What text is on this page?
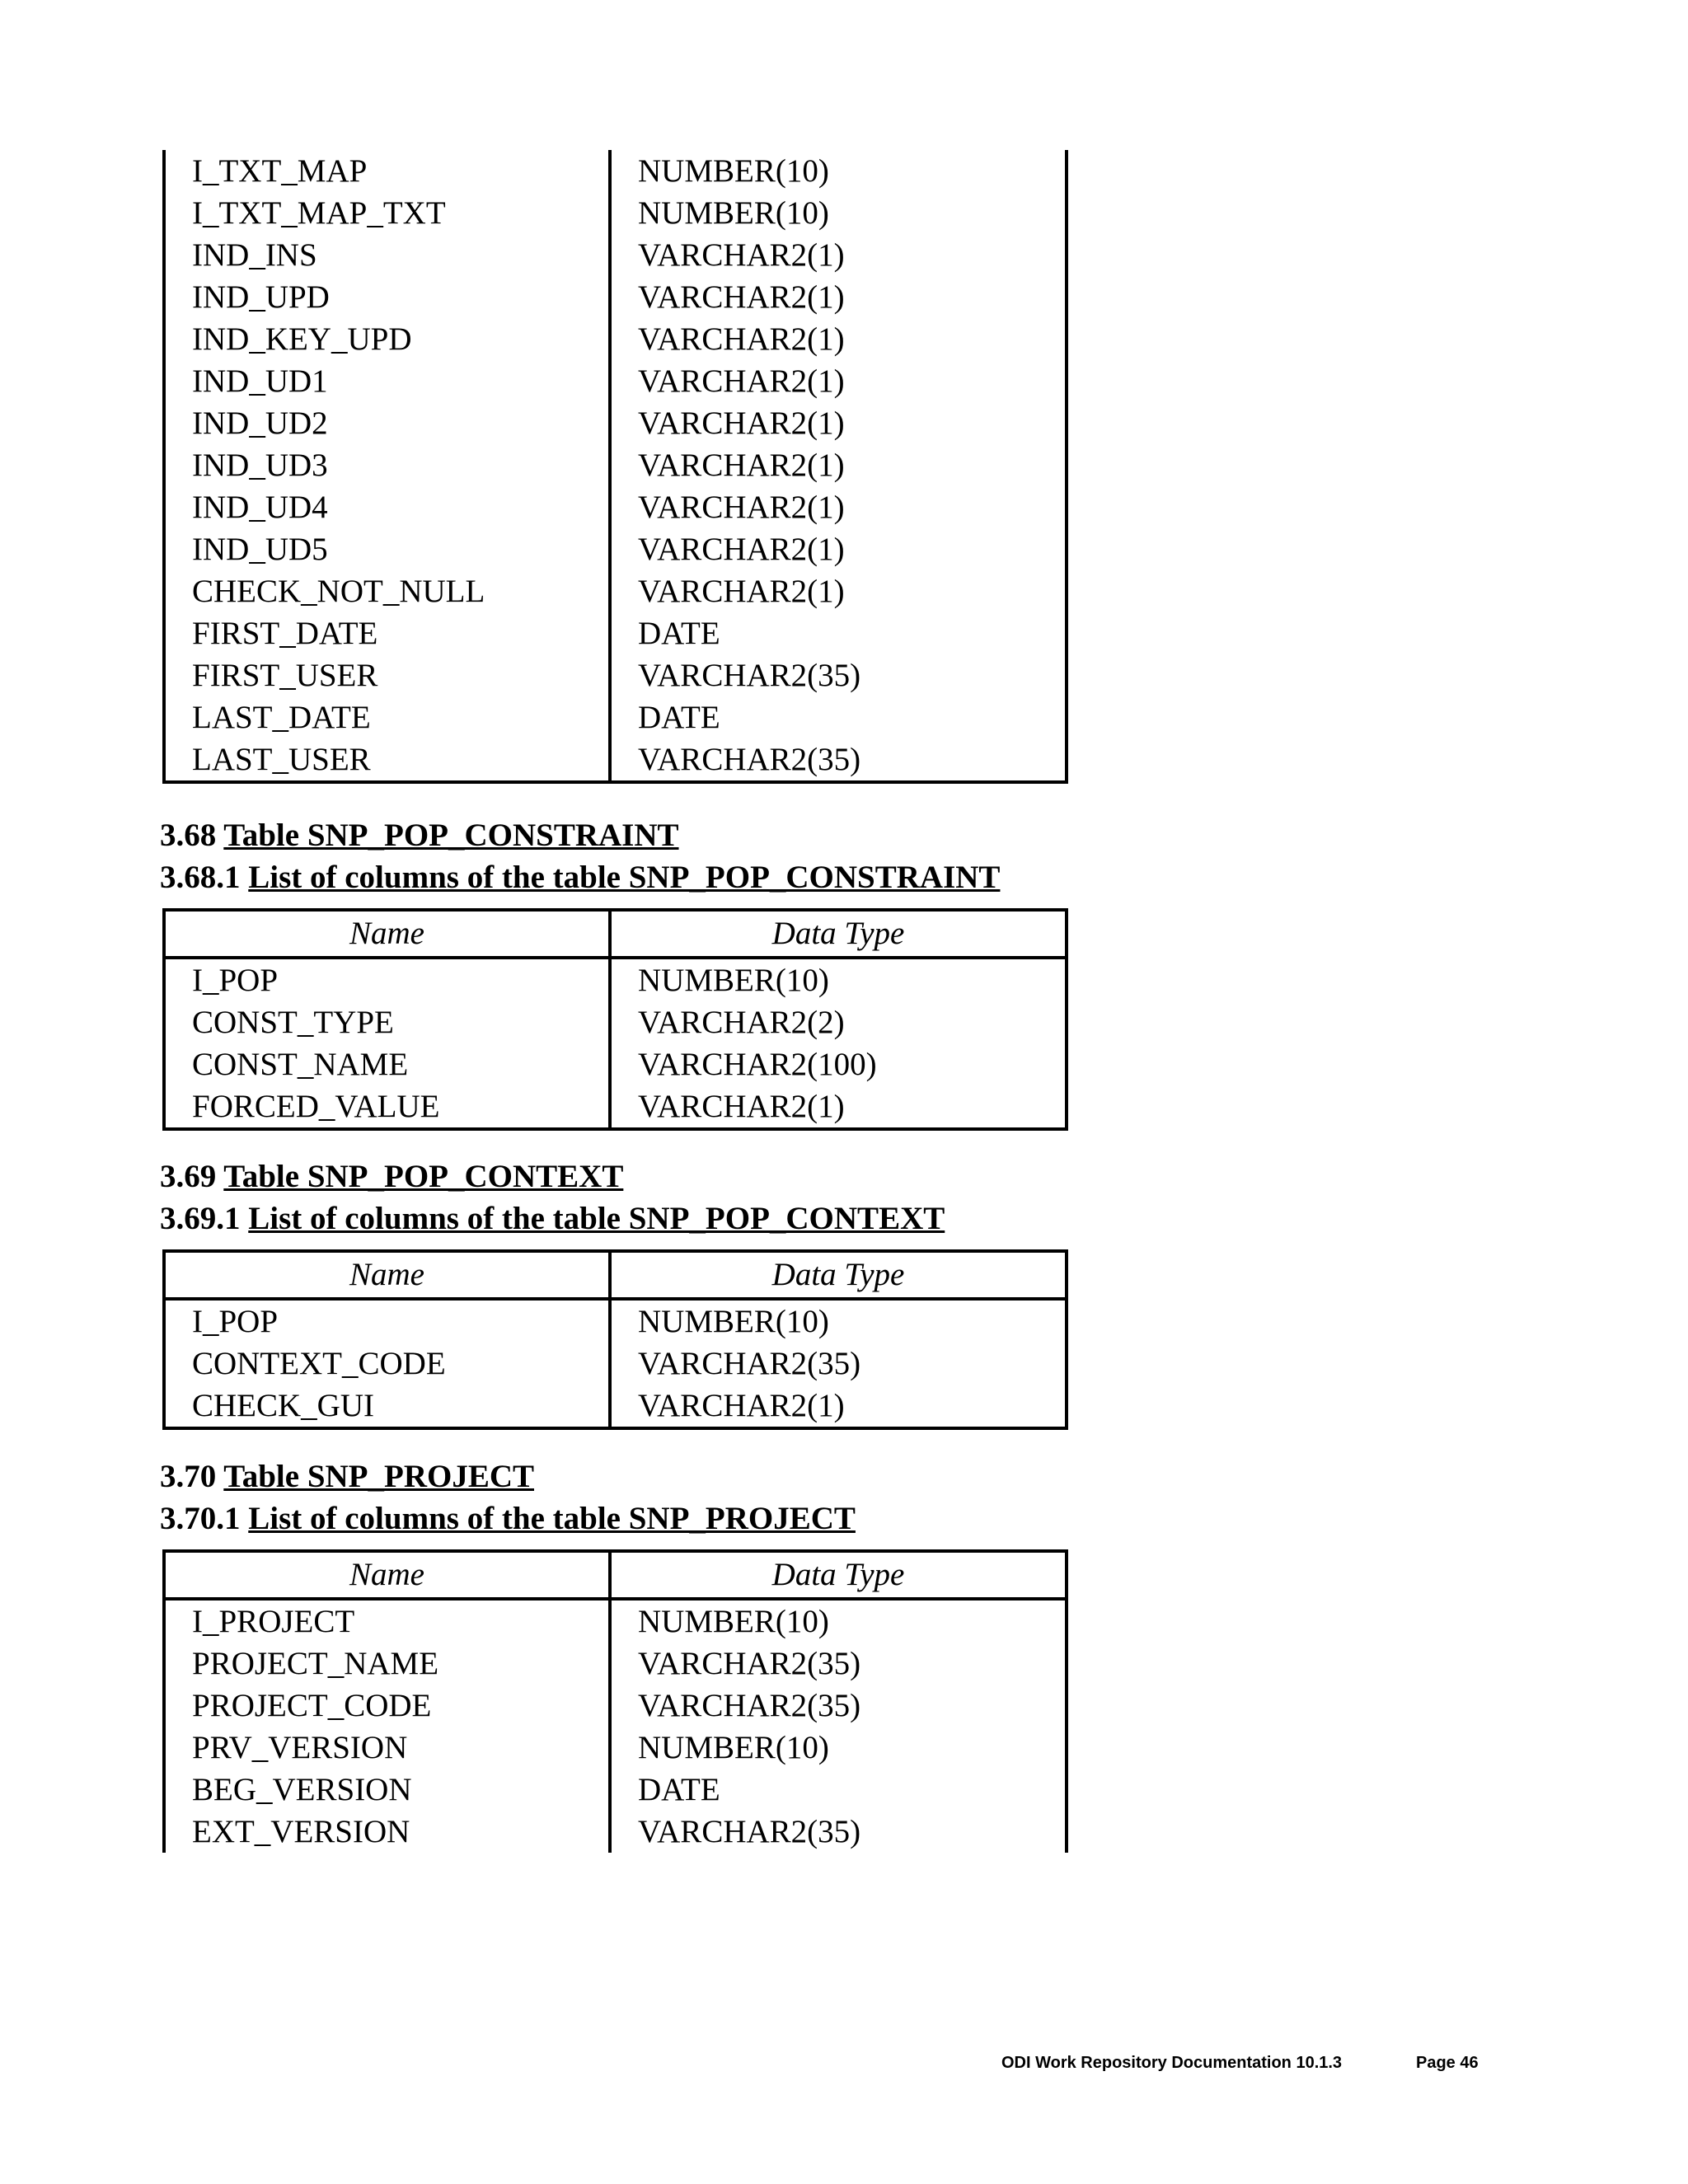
I_TXT_MAP	NUMBER(10)
I_TXT_MAP_TXT	NUMBER(10)
IND_INS	VARCHAR2(1)
IND_UPD	VARCHAR2(1)
IND_KEY_UPD	VARCHAR2(1)
IND_UD1	VARCHAR2(1)
IND_UD2	VARCHAR2(1)
IND_UD3	VARCHAR2(1)
IND_UD4	VARCHAR2(1)
IND_UD5	VARCHAR2(1)
CHECK_NOT_NULL	VARCHAR2(1)
FIRST_DATE	DATE
FIRST_USER	VARCHAR2(35)
LAST_DATE	DATE
LAST_USER	VARCHAR2(35)
3.68 Table SNP_POP_CONSTRAINT
3.68.1 List of columns of the table SNP_POP_CONSTRAINT
Name	Data Type
I_POP	NUMBER(10)
CONST_TYPE	VARCHAR2(2)
CONST_NAME	VARCHAR2(100)
FORCED_VALUE	VARCHAR2(1)
3.69 Table SNP_POP_CONTEXT
3.69.1 List of columns of the table SNP_POP_CONTEXT
Name	Data Type
I_POP	NUMBER(10)
CONTEXT_CODE	VARCHAR2(35)
CHECK_GUI	VARCHAR2(1)
3.70 Table SNP_PROJECT
3.70.1 List of columns of the table SNP_PROJECT
Name	Data Type
I_PROJECT	NUMBER(10)
PROJECT_NAME	VARCHAR2(35)
PROJECT_CODE	VARCHAR2(35)
PRV_VERSION	NUMBER(10)
BEG_VERSION	DATE
EXT_VERSION	VARCHAR2(35)
ODI Work Repository Documentation 10.1.3	Page 46
